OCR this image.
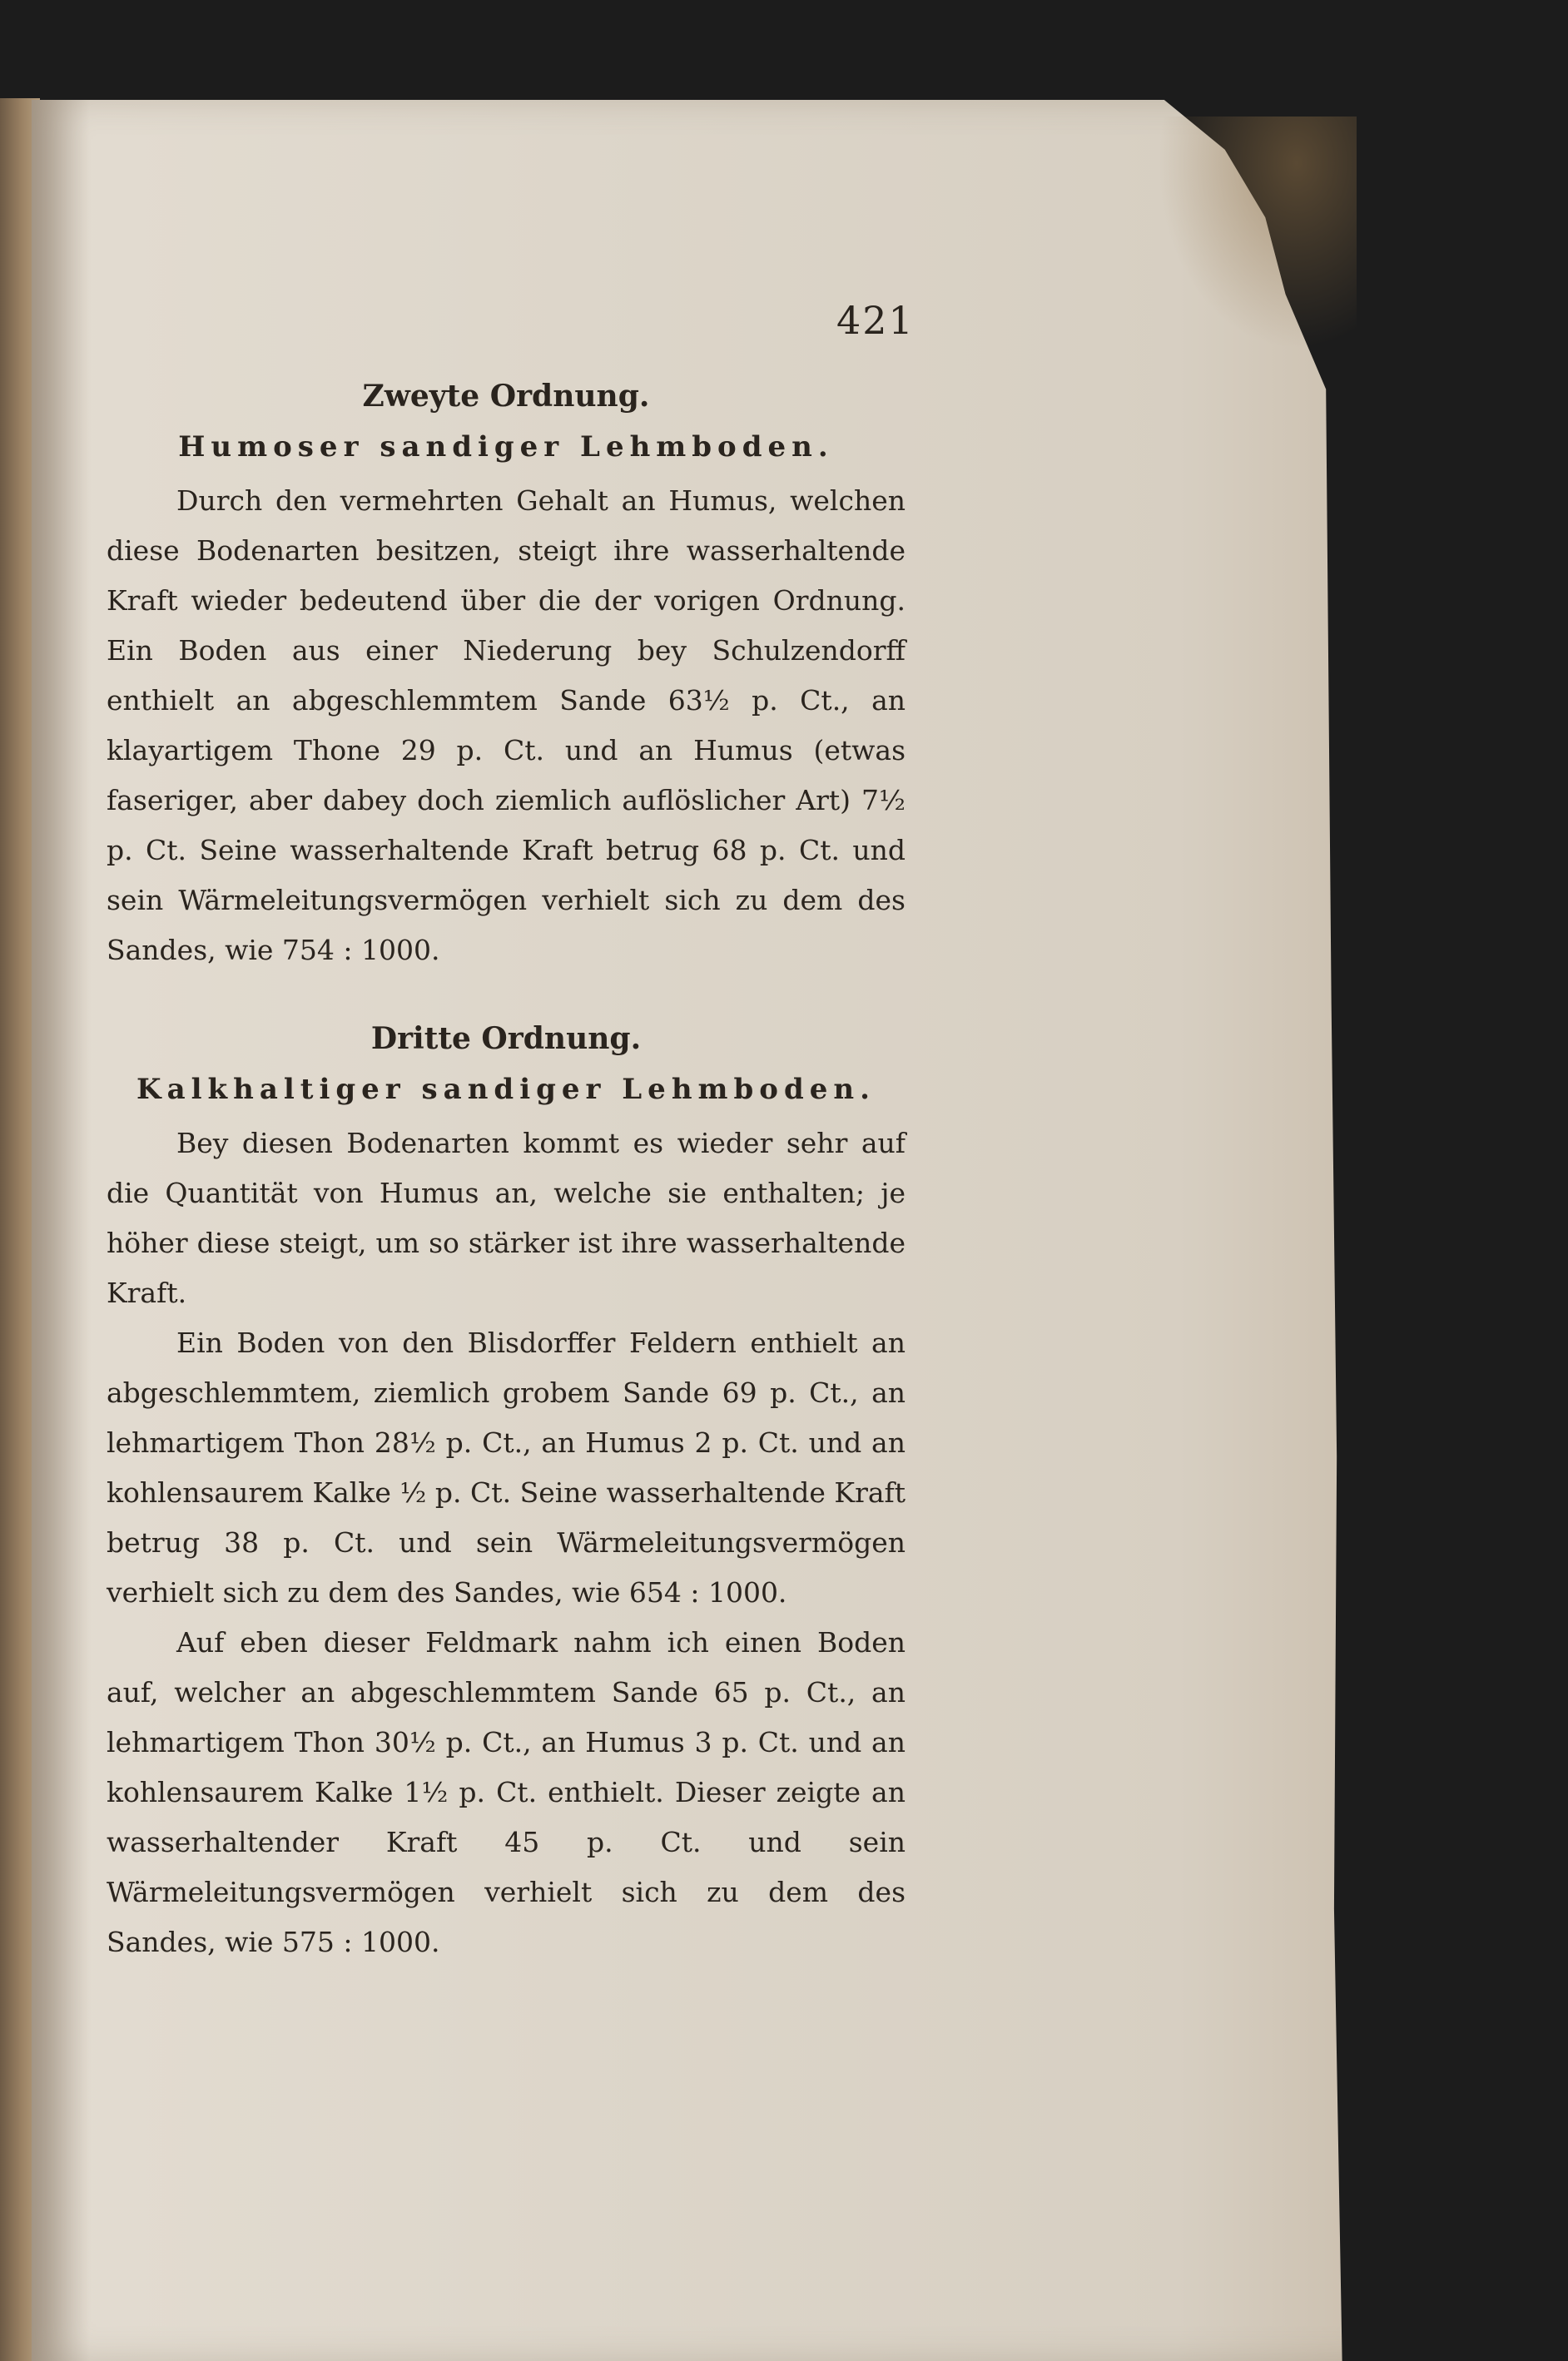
421
Zweyte Ordnung.
Humoser sandiger Lehmboden.

Durch den vermehrten Gehalt an Humus, welchen diese Bodenarten besitzen, steigt ihre wasserhaltende Kraft wieder bedeutend über die der vorigen Ordnung. Ein Boden aus einer Niederung bey Schulzendorff enthielt an abgeschlemmtem Sande 63½ p. Ct., an klayartigem Thone 29 p. Ct. und an Humus (etwas faseriger, aber dabey doch ziemlich auflöslicher Art) 7½ p. Ct. Seine wasserhaltende Kraft betrug 68 p. Ct. und sein Wärmeleitungsvermögen verhielt sich zu dem des Sandes, wie 754 : 1000.

Dritte Ordnung.
Kalkhaltiger sandiger Lehmboden.

Bey diesen Bodenarten kommt es wieder sehr auf die Quantität von Humus an, welche sie enthalten; je höher diese steigt, um so stärker ist ihre wasserhaltende Kraft.

Ein Boden von den Blisdorffer Feldern enthielt an abgeschlemmtem, ziemlich grobem Sande 69 p. Ct., an lehmartigem Thon 28½ p. Ct., an Humus 2 p. Ct. und an kohlensaurem Kalke ½ p. Ct. Seine wasserhaltende Kraft betrug 38 p. Ct. und sein Wärmeleitungsvermögen verhielt sich zu dem des Sandes, wie 654 : 1000.

Auf eben dieser Feldmark nahm ich einen Boden auf, welcher an abgeschlemmtem Sande 65 p. Ct., an lehmartigem Thon 30½ p. Ct., an Humus 3 p. Ct. und an kohlensaurem Kalke 1½ p. Ct. enthielt. Dieser zeigte an wasserhaltender Kraft 45 p. Ct. und sein Wärmeleitungsvermögen verhielt sich zu dem des Sandes, wie 575 : 1000.
